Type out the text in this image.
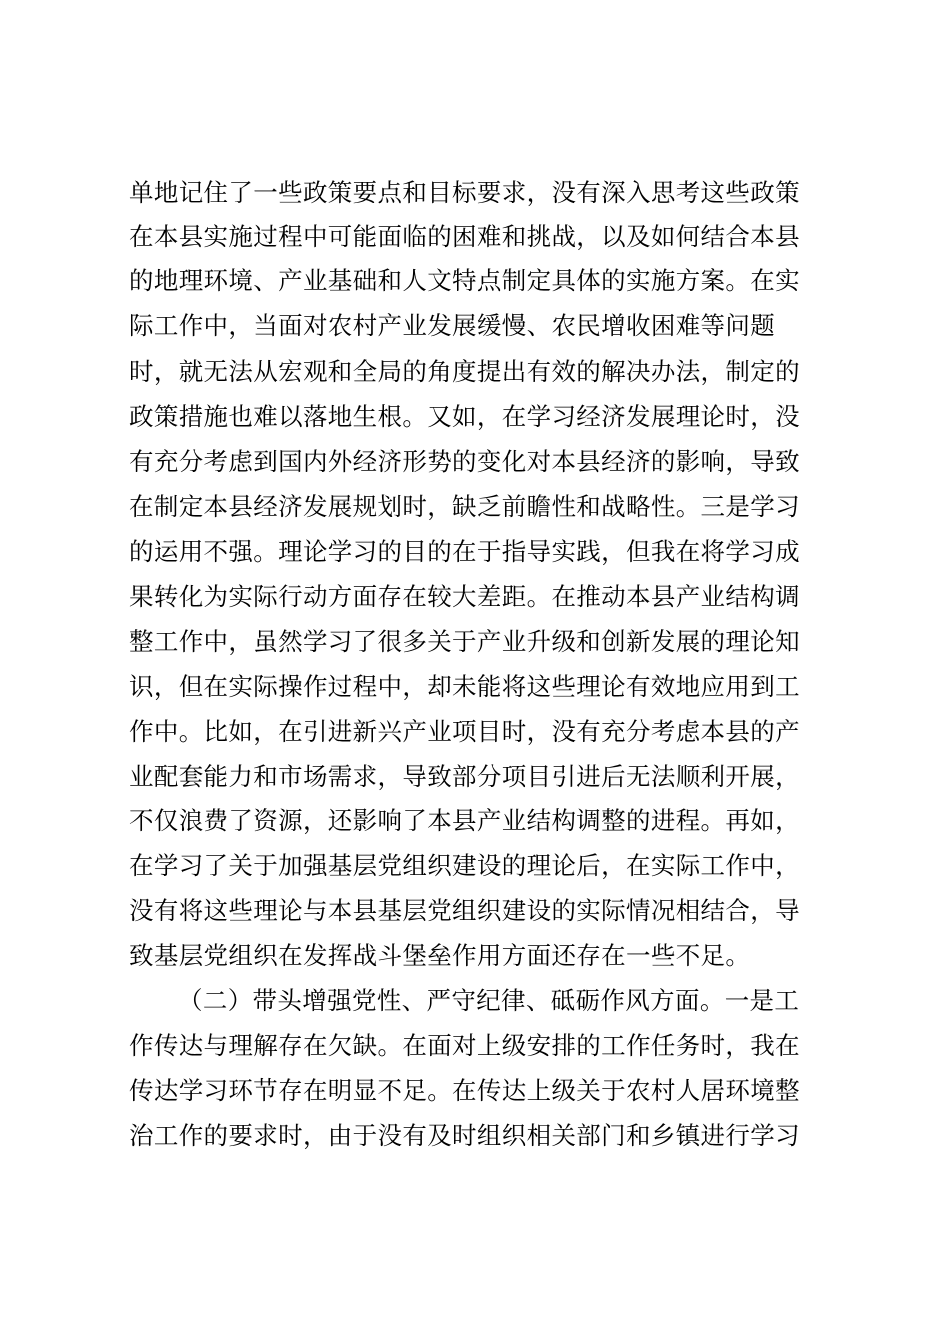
单地记住了一些政策要点和目标要求，没有深入思考这些政策
在本县实施过程中可能面临的困难和挑战，以及如何结合本县
的地理环境、产业基础和人文特点制定具体的实施方案。在实
际工作中，当面对农村产业发展缓慢、农民增收困难等问题
时，就无法从宏观和全局的角度提出有效的解决办法，制定的
政策措施也难以落地生根。又如，在学习经济发展理论时，没
有充分考虑到国内外经济形势的变化对本县经济的影响，导致
在制定本县经济发展规划时，缺乏前瞻性和战略性。三是学习
的运用不强。理论学习的目的在于指导实践，但我在将学习成
果转化为实际行动方面存在较大差距。在推动本县产业结构调
整工作中，虽然学习了很多关于产业升级和创新发展的理论知
识，但在实际操作过程中，却未能将这些理论有效地应用到工
作中。比如，在引进新兴产业项目时，没有充分考虑本县的产
业配套能力和市场需求，导致部分项目引进后无法顺利开展，
不仅浪费了资源，还影响了本县产业结构调整的进程。再如，
在学习了关于加强基层党组织建设的理论后，在实际工作中，
没有将这些理论与本县基层党组织建设的实际情况相结合，导
致基层党组织在发挥战斗堡垒作用方面还存在一些不足。
（二）带头增强党性、严守纪律、砥砺作风方面。一是工
作传达与理解存在欠缺。在面对上级安排的工作任务时，我在
传达学习环节存在明显不足。在传达上级关于农村人居环境整
治工作的要求时，由于没有及时组织相关部门和乡镇进行学习
